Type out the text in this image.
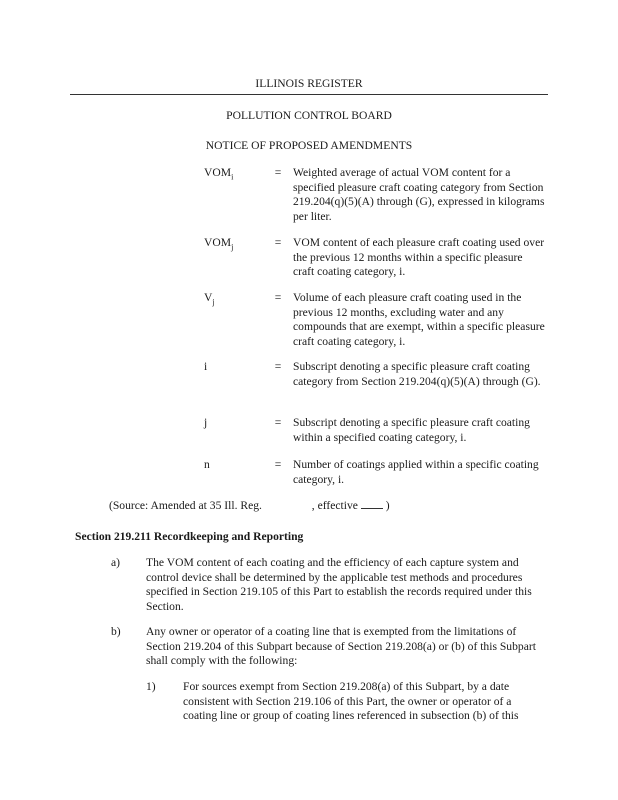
ILLINOIS REGISTER
POLLUTION CONTROL BOARD
NOTICE OF PROPOSED AMENDMENTS
$VOM_i$	=	Weighted average of actual VOM content for a specified pleasure craft coating category from Section 219.204(q)(5)(A) through (G), expressed in kilograms per liter.
$VOM_j$	=	VOM content of each pleasure craft coating used over the previous 12 months within a specific pleasure craft coating category, i.
$V_j$	=	Volume of each pleasure craft coating used in the previous 12 months, excluding water and any compounds that are exempt, within a specific pleasure craft coating category, i.
i	=	Subscript denoting a specific pleasure craft coating category from Section 219.204(q)(5)(A) through (G).
j	=	Subscript denoting a specific pleasure craft coating within a specified coating category, i.
n	=	Number of coatings applied within a specific coating category, i.
(Source: Amended at 35 Ill. Reg.	, effective )
Section 219.211 Recordkeeping and Reporting
a) The VOM content of each coating and the efficiency of each capture system and control device shall be determined by the applicable test methods and procedures specified in Section 219.105 of this Part to establish the records required under this Section.
b) Any owner or operator of a coating line that is exempted from the limitations of Section 219.204 of this Subpart because of Section 219.208(a) or (b) of this Subpart shall comply with the following:
1) For sources exempt from Section 219.208(a) of this Subpart, by a date consistent with Section 219.106 of this Part, the owner or operator of a coating line or group of coating lines referenced in subsection (b) of this
